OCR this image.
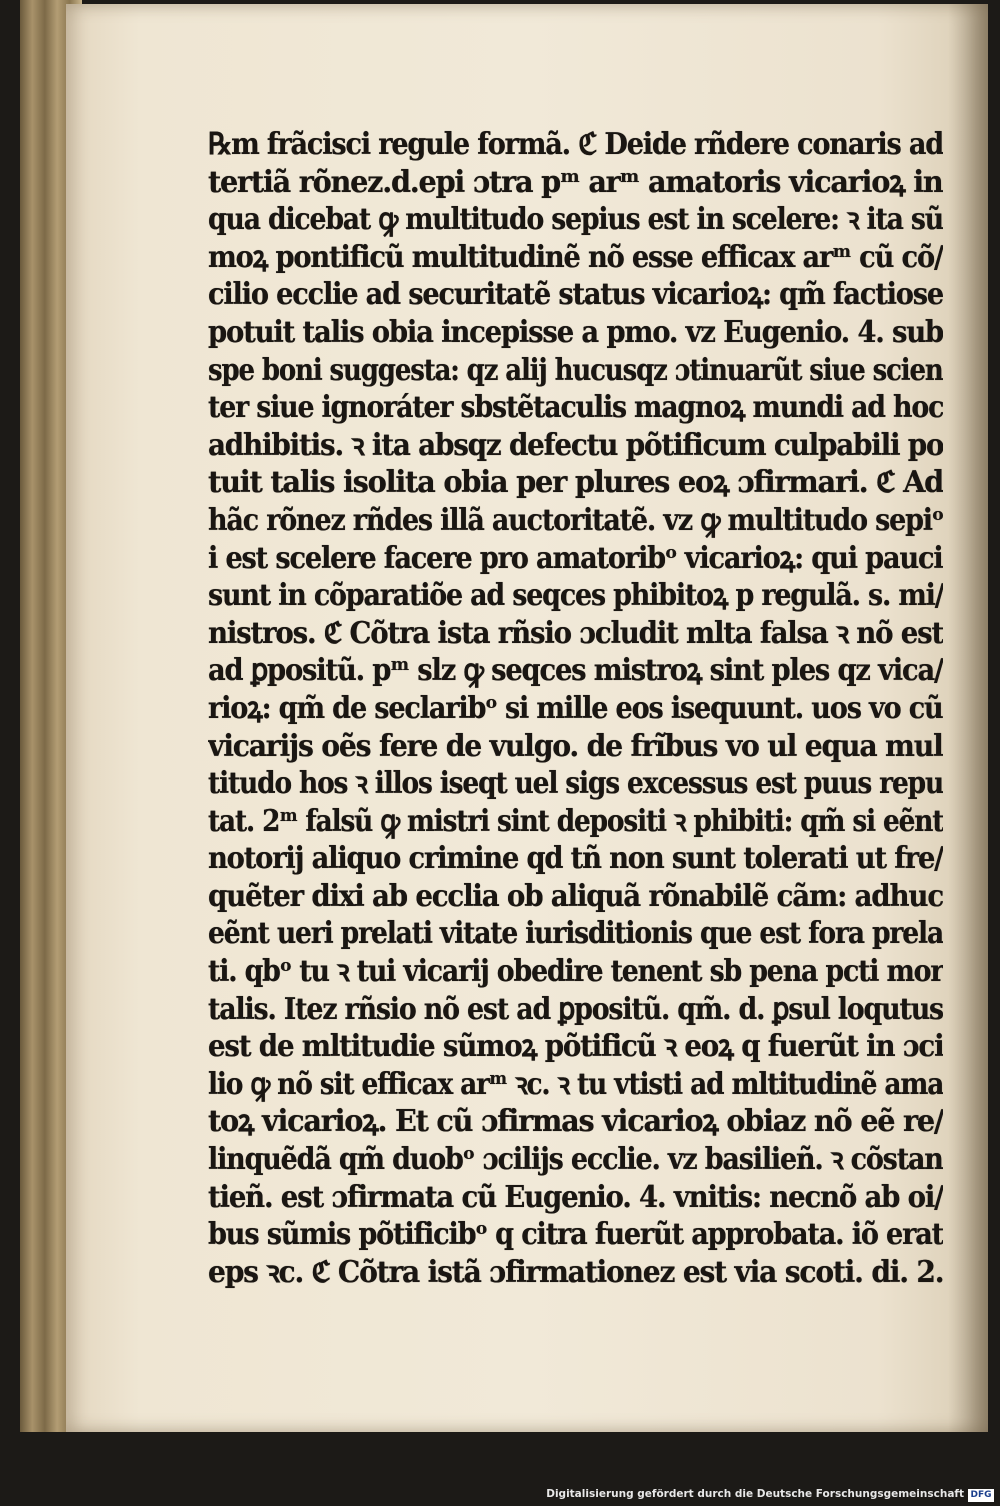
℞m frãcisci regule formã. ℭ Deide rñdere conaris ad
tertiã rõnez.d.epi ɔtra pᵐ arᵐ amatoris vicarioꝝ in
qua dicebat ꝙ multitudo sepius est in scelere: ꝛ ita sũ
moꝝ pontificũ multitudinẽ nõ esse efficax arᵐ cũ cõ/
cilio ecclie ad securitatẽ status vicarioꝝ: qm̃ factiose
potuit talis obia incepisse a pmo. vz Eugenio. 4. sub
spe boni suggesta: qz alij hucusqz ɔtinuarũt siue scien
ter siue ignoráter sbstẽtaculis magnoꝝ mundi ad hoc
adhibitis. ꝛ ita absqz defectu põtificum culpabili po
tuit talis isolita obia per plures eoꝝ ɔfirmari. ℭ Ad
hãc rõnez rñdes illã auctoritatẽ. vz ꝙ multitudo sepiᵒ
i est scelere facere pro amatoribᵒ vicarioꝝ: qui pauci
sunt in cõparatiõe ad seqces phibitoꝝ p regulã. s. mi/
nistros. ℭ Cõtra ista rñsio ɔcludit mlta falsa ꝛ nõ est
ad ꝑpositũ. pᵐ slz ꝙ seqces mistroꝝ sint ples qz vica/
rioꝝ: qm̃ de seclaribᵒ si mille eos isequunt. uos vo cũ
vicarijs oẽs fere de vulgo. de frĩbus vo ul equa mul
titudo hos ꝛ illos iseqt uel sigs excessus est puus repu
tat. 2ᵐ falsũ ꝙ mistri sint depositi ꝛ phibiti: qm̃ si eẽnt
notorij aliquo crimine qd tñ non sunt tolerati ut fre/
quẽter dixi ab ecclia ob aliquã rõnabilẽ cãm: adhuc
eẽnt ueri prelati vitate iurisditionis que est fora prela
ti. qbᵒ tu ꝛ tui vicarij obedire tenent sb pena pcti mor
talis. Itez rñsio nõ est ad ꝑpositũ. qm̃. d. ꝑsul loqutus
est de mltitudie sũmoꝝ põtificũ ꝛ eoꝝ q fuerũt in ɔci
lio ꝙ nõ sit efficax arᵐ ꝛc. ꝛ tu vtisti ad mltitudinẽ ama
toꝝ vicarioꝝ. Et cũ ɔfirmas vicarioꝝ obiaz nõ eẽ re/
linquẽdã qm̃ duobᵒ ɔcilijs ecclie. vz basilieñ. ꝛ cõstan
tieñ. est ɔfirmata cũ Eugenio. 4. vnitis: necnõ ab oi/
bus sũmis põtificibᵒ q citra fuerũt approbata. iõ erat
eps ꝛc. ℭ Cõtra istã ɔfirmationez est via scoti. di. 2.
Digitalisierung gefördert durch die Deutsche Forschungsgemeinschaft DFG
